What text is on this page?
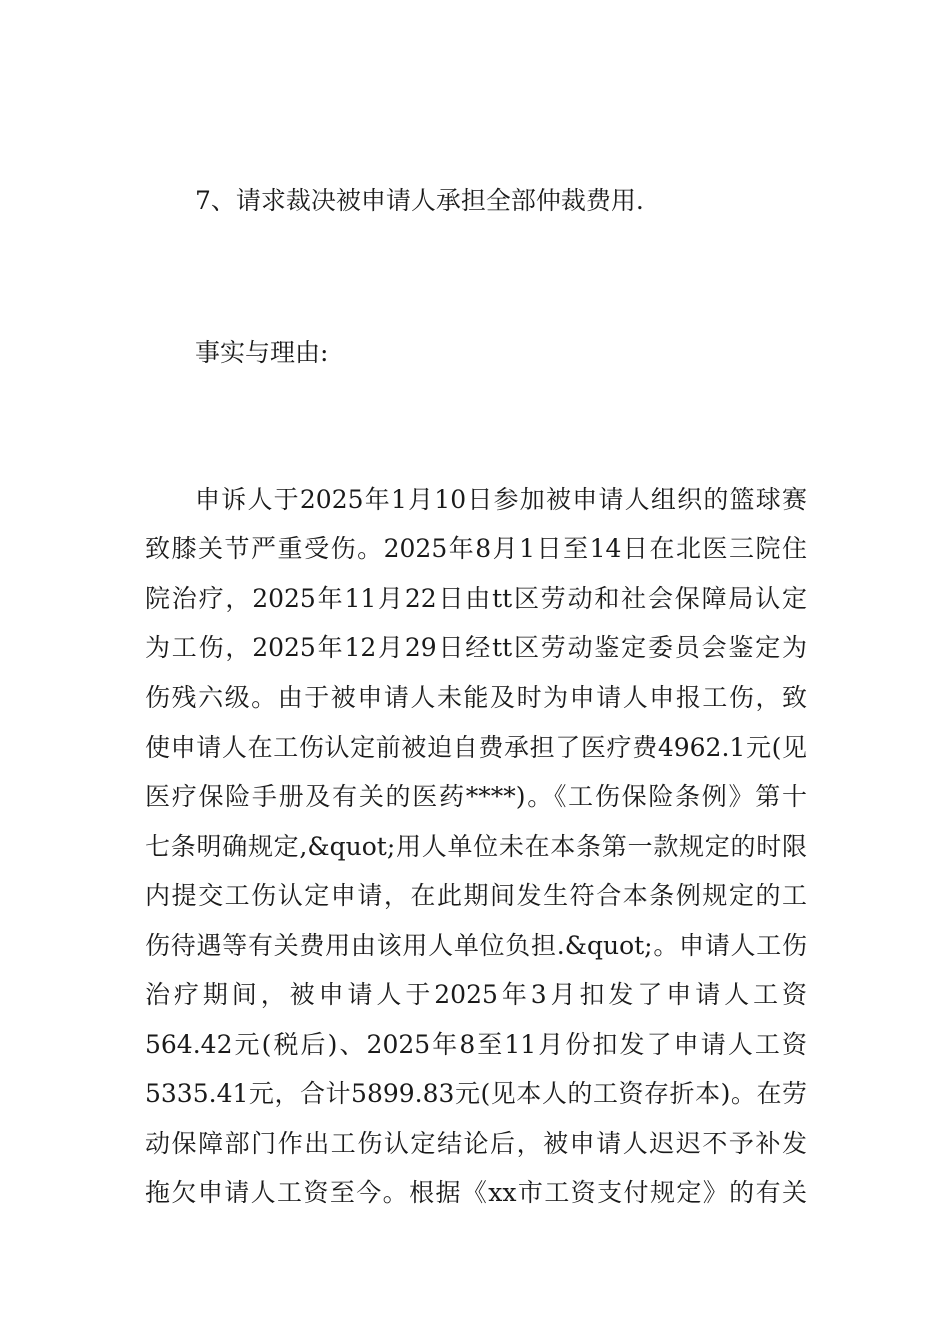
7、请求裁决被申请人承担全部仲裁费用.
事实与理由:
申诉人于2025年1月10日参加被申请人组织的篮球赛
致膝关节严重受伤。2025年8月1日至14日在北医三院住
院治疗，2025年11月22日由tt区劳动和社会保障局认定
为工伤，2025年12月29日经tt区劳动鉴定委员会鉴定为
伤残六级。由于被申请人未能及时为申请人申报工伤，致
使申请人在工伤认定前被迫自费承担了医疗费4962.1元(见
医疗保险手册及有关的医药****)。《工伤保险条例》第十
七条明确规定,&quot;用人单位未在本条第一款规定的时限
内提交工伤认定申请，在此期间发生符合本条例规定的工
伤待遇等有关费用由该用人单位负担.&quot;。申请人工伤
治疗期间，被申请人于2025年3月扣发了申请人工资
564.42元(税后)、2025年8至11月份扣发了申请人工资
5335.41元，合计5899.83元(见本人的工资存折本)。在劳
动保障部门作出工伤认定结论后，被申请人迟迟不予补发
拖欠申请人工资至今。根据《xx市工资支付规定》的有关
